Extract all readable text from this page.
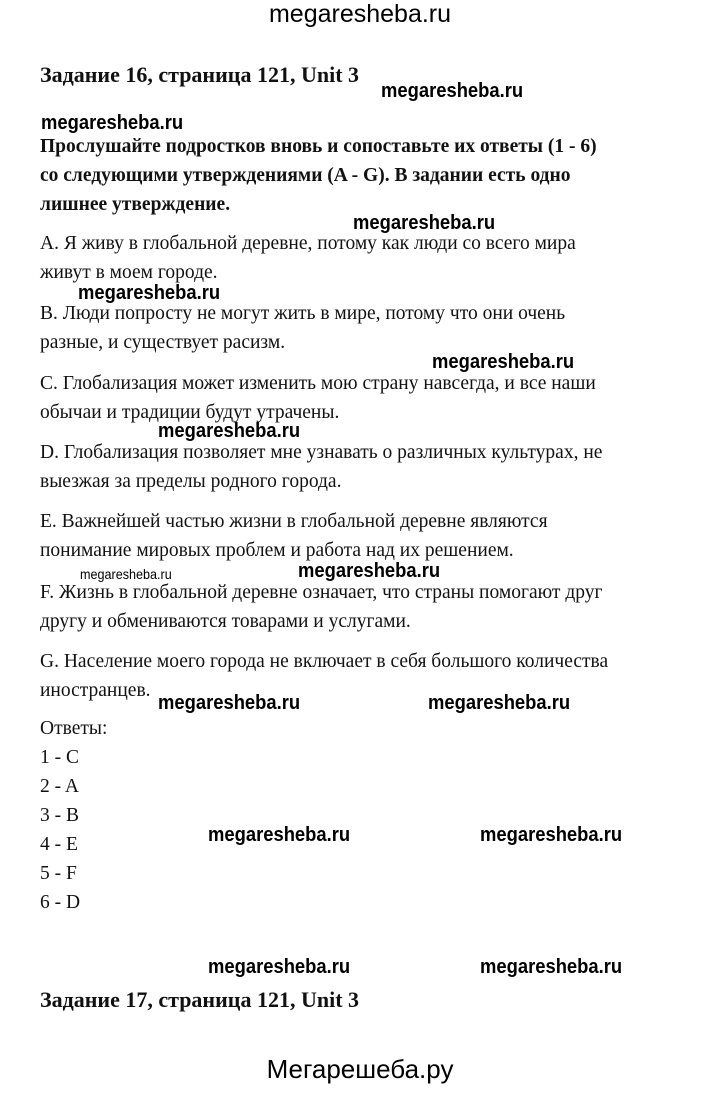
megaresheba.ru
Задание 16, страница 121, Unit 3
megaresheba.ru
megaresheba.ru
Прослушайте подростков вновь и сопоставьте их ответы (1 - 6)
со следующими утверждениями (A - G). В задании есть одно
лишнее утверждение.
megaresheba.ru
A. Я живу в глобальной деревне, потому как люди со всего мира
живут в моем городе.
megaresheba.ru
B. Люди попросту не могут жить в мире, потому что они очень
разные, и существует расизм.
megaresheba.ru
C. Глобализация может изменить мою страну навсегда, и все наши
обычаи и традиции будут утрачены.
megaresheba.ru
D. Глобализация позволяет мне узнавать о различных культурах, не
выезжая за пределы родного города.
E. Важнейшей частью жизни в глобальной деревне являются
понимание мировых проблем и работа над их решением.
megaresheba.ru	megaresheba.ru
F. Жизнь в глобальной деревне означает, что страны помогают друг
другу и обмениваются товарами и услугами.
G. Население моего города не включает в себя большого количества
иностранцев.
megaresheba.ru	megaresheba.ru
Ответы:
1 - C
2 - A
3 - B
4 - E
5 - F
6 - D
megaresheba.ru	megaresheba.ru
megaresheba.ru	megaresheba.ru
Задание 17, страница 121, Unit 3
Мегарешеба.ру
